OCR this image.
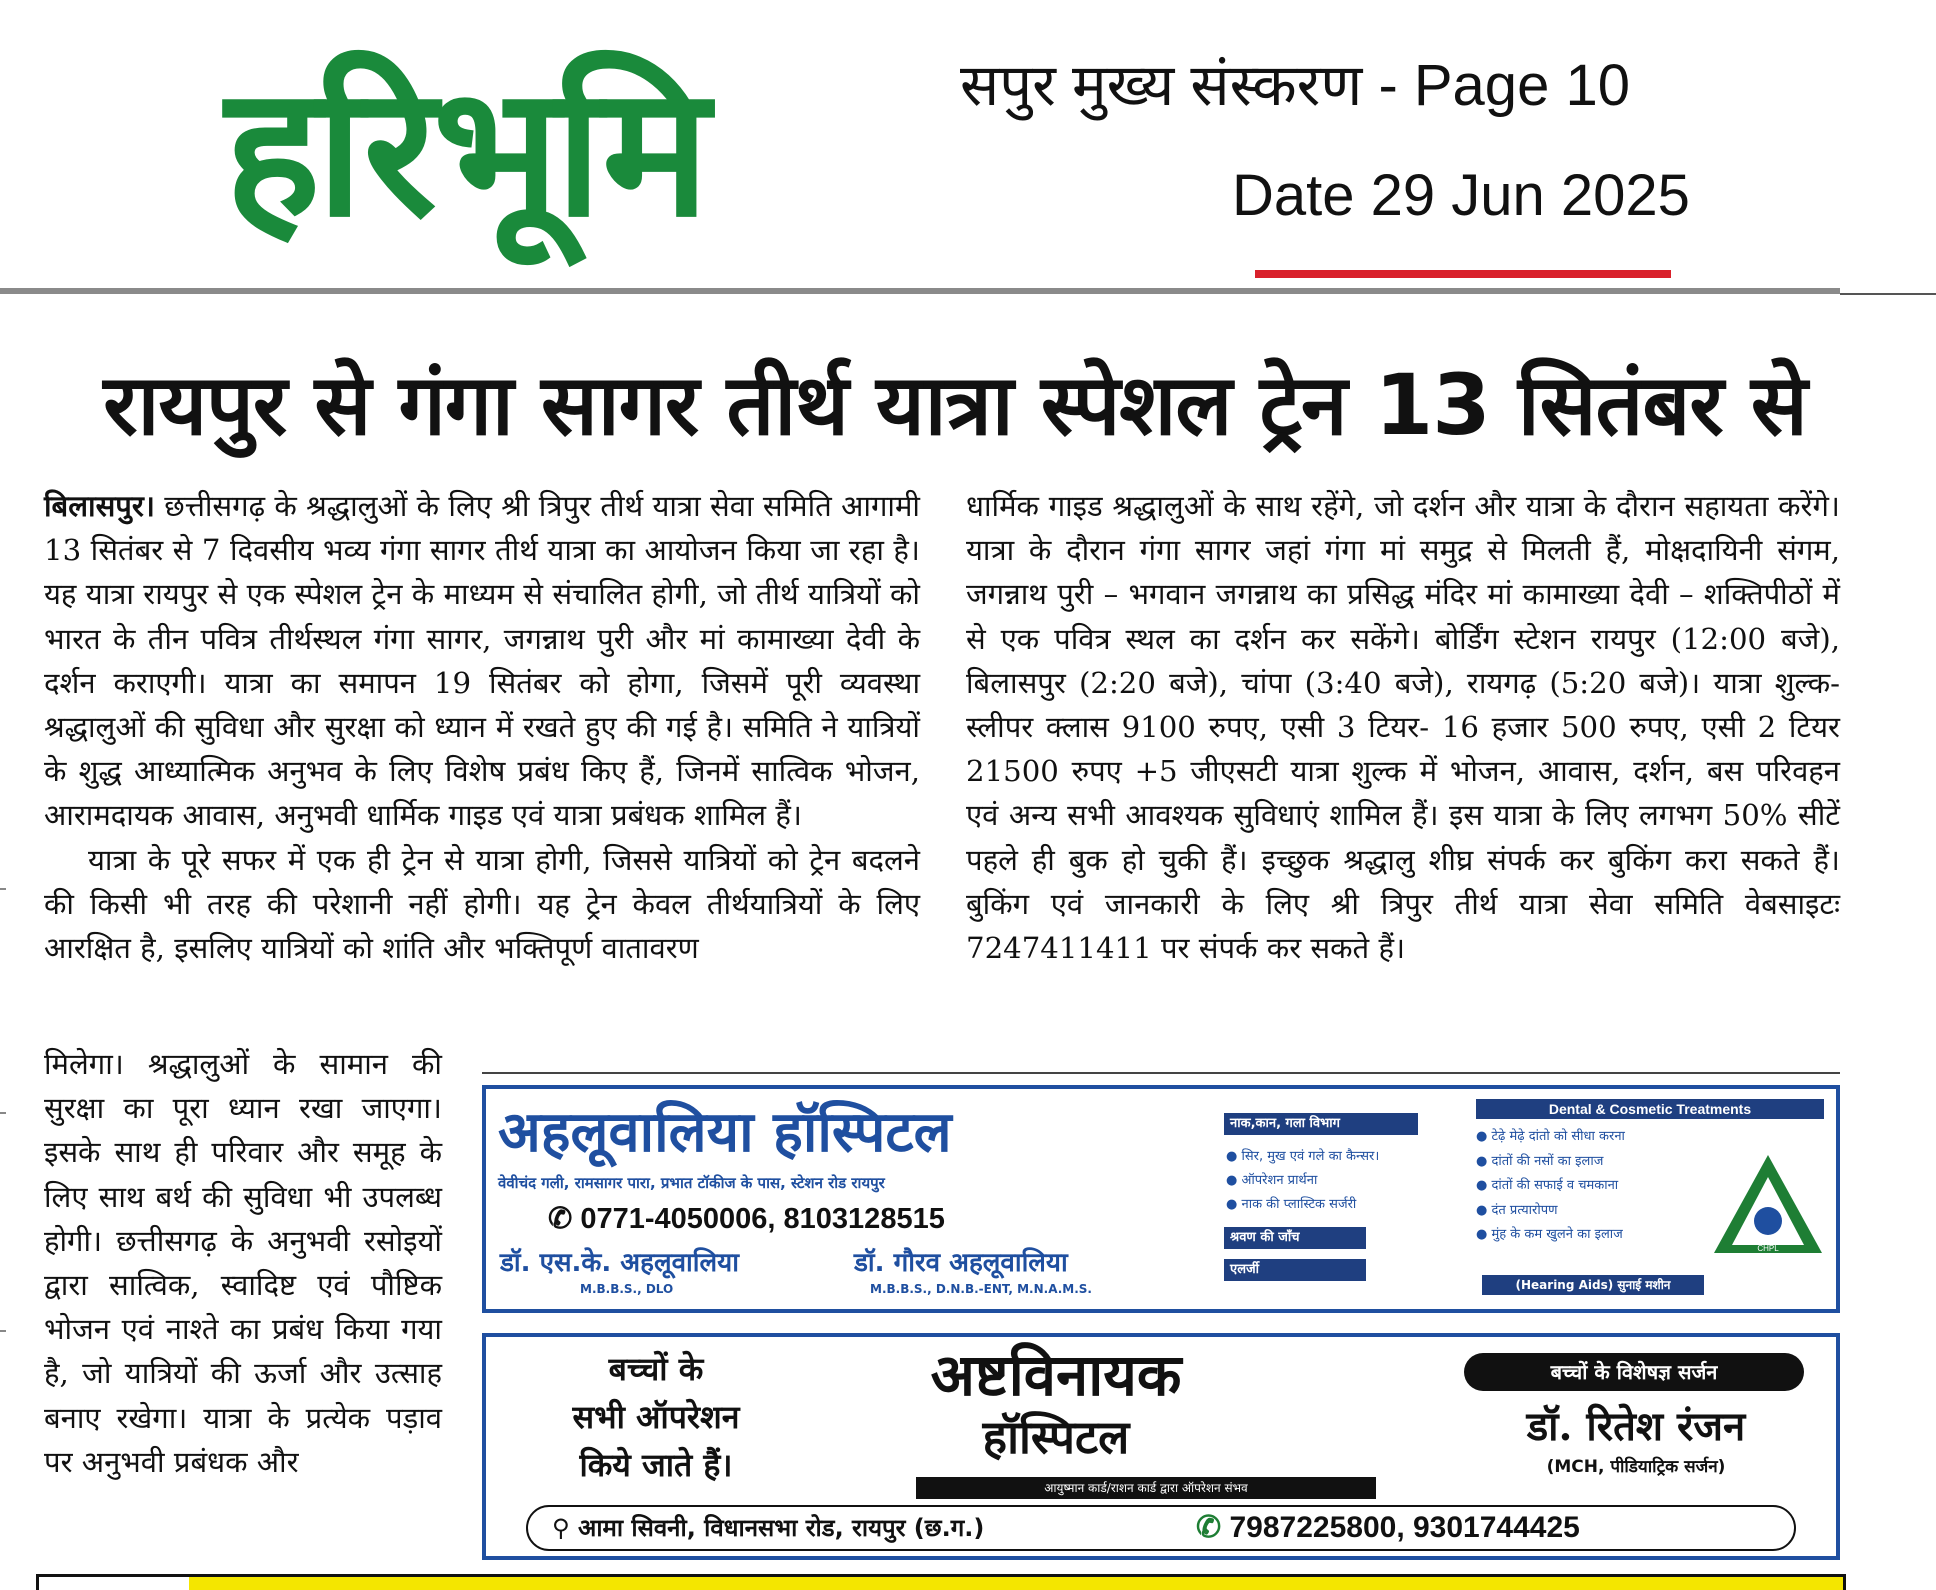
हरिभूमि	सपुर मुख्य संस्करण - Page 10
Date 29 Jun 2025
रायपुर से गंगा सागर तीर्थ यात्रा स्पेशल ट्रेन 13 सितंबर से

बिलासपुर। छत्तीसगढ़ के श्रद्धालुओं के लिए श्री त्रिपुर तीर्थ यात्रा सेवा समिति आगामी 13 सितंबर से 7 दिवसीय भव्य गंगा सागर तीर्थ यात्रा का आयोजन किया जा रहा है। यह यात्रा रायपुर से एक स्पेशल ट्रेन के माध्यम से संचालित होगी, जो तीर्थ यात्रियों को भारत के तीन पवित्र तीर्थस्थल गंगा सागर, जगन्नाथ पुरी और मां कामाख्या देवी के दर्शन कराएगी। यात्रा का समापन 19 सितंबर को होगा, जिसमें पूरी व्यवस्था श्रद्धालुओं की सुविधा और सुरक्षा को ध्यान में रखते हुए की गई है। समिति ने यात्रियों के शुद्ध आध्यात्मिक अनुभव के लिए विशेष प्रबंध किए हैं, जिनमें सात्विक भोजन, आरामदायक आवास, अनुभवी धार्मिक गाइड एवं यात्रा प्रबंधक शामिल हैं।

यात्रा के पूरे सफर में एक ही ट्रेन से यात्रा होगी, जिससे यात्रियों को ट्रेन बदलने की किसी भी तरह की परेशानी नहीं होगी। यह ट्रेन केवल तीर्थयात्रियों के लिए आरक्षित है, इसलिए यात्रियों को शांति और भक्तिपूर्ण वातावरण

मिलेगा। श्रद्धालुओं के सामान की सुरक्षा का पूरा ध्यान रखा जाएगा। इसके साथ ही परिवार और समूह के लिए साथ बर्थ की सुविधा भी उपलब्ध होगी। छत्तीसगढ़ के अनुभवी रसोइयों द्वारा सात्विक, स्वादिष्ट एवं पौष्टिक भोजन एवं नाश्ते का प्रबंध किया गया है, जो यात्रियों की ऊर्जा और उत्साह बनाए रखेगा। यात्रा के प्रत्येक पड़ाव पर अनुभवी प्रबंधक और

धार्मिक गाइड श्रद्धालुओं के साथ रहेंगे, जो दर्शन और यात्रा के दौरान सहायता करेंगे। यात्रा के दौरान गंगा सागर जहां गंगा मां समुद्र से मिलती हैं, मोक्षदायिनी संगम, जगन्नाथ पुरी – भगवान जगन्नाथ का प्रसिद्ध मंदिर मां कामाख्या देवी – शक्तिपीठों में से एक पवित्र स्थल का दर्शन कर सकेंगे। बोर्डिंग स्टेशन रायपुर (12:00 बजे), बिलासपुर (2:20 बजे), चांपा (3:40 बजे), रायगढ़ (5:20 बजे)। यात्रा शुल्क- स्लीपर क्लास 9100 रुपए, एसी 3 टियर- 16 हजार 500 रुपए, एसी 2 टियर 21500 रुपए +5 जीएसटी यात्रा शुल्क में भोजन, आवास, दर्शन, बस परिवहन एवं अन्य सभी आवश्यक सुविधाएं शामिल हैं। इस यात्रा के लिए लगभग 50% सीटें पहले ही बुक हो चुकी हैं। इच्छुक श्रद्धालु शीघ्र संपर्क कर बुकिंग करा सकते हैं। बुकिंग एवं जानकारी के लिए श्री त्रिपुर तीर्थ यात्रा सेवा समिति वेबसाइटः 7247411411 पर संपर्क कर सकते हैं।

अहलूवालिया हॉस्पिटल
वेवीचंद गली, रामसागर पारा, प्रभात टॉकीज के पास, स्टेशन रोड रायपुर
✆ 0771-4050006, 8103128515
डॉ. एस.के. अहलूवालिया
M.B.B.S., DLO
डॉ. गौरव अहलूवालिया
M.B.B.S., D.N.B.-ENT, M.N.A.M.S.
नाक,कान, गला विभाग
● सिर, मुख एवं गले का कैन्सर।
● ऑपरेशन प्रार्थना
● नाक की प्लास्टिक सर्जरी
श्रवण की जाँच
एलर्जी
Dental & Cosmetic Treatments
● टेढ़े मेढ़े दांतो को सीधा करना
● दांतों की नसों का इलाज
● दांतों की सफाई व चमकाना
● दंत प्रत्यारोपण
● मुंह के कम खुलने का इलाज
(Hearing Aids) सुनाई मशीन
CHPL
बच्चों के
सभी ऑपरेशन
किये जाते हैं।
अष्टविनायक
हॉस्पिटल
आयुष्मान कार्ड/राशन कार्ड द्वारा ऑपरेशन संभव
बच्चों के विशेषज्ञ सर्जन
डॉ. रितेश रंजन
(MCH, पीडियाट्रिक सर्जन)
⚲ आमा सिवनी, विधानसभा रोड, रायपुर (छ.ग.)	✆ 7987225800, 9301744425
